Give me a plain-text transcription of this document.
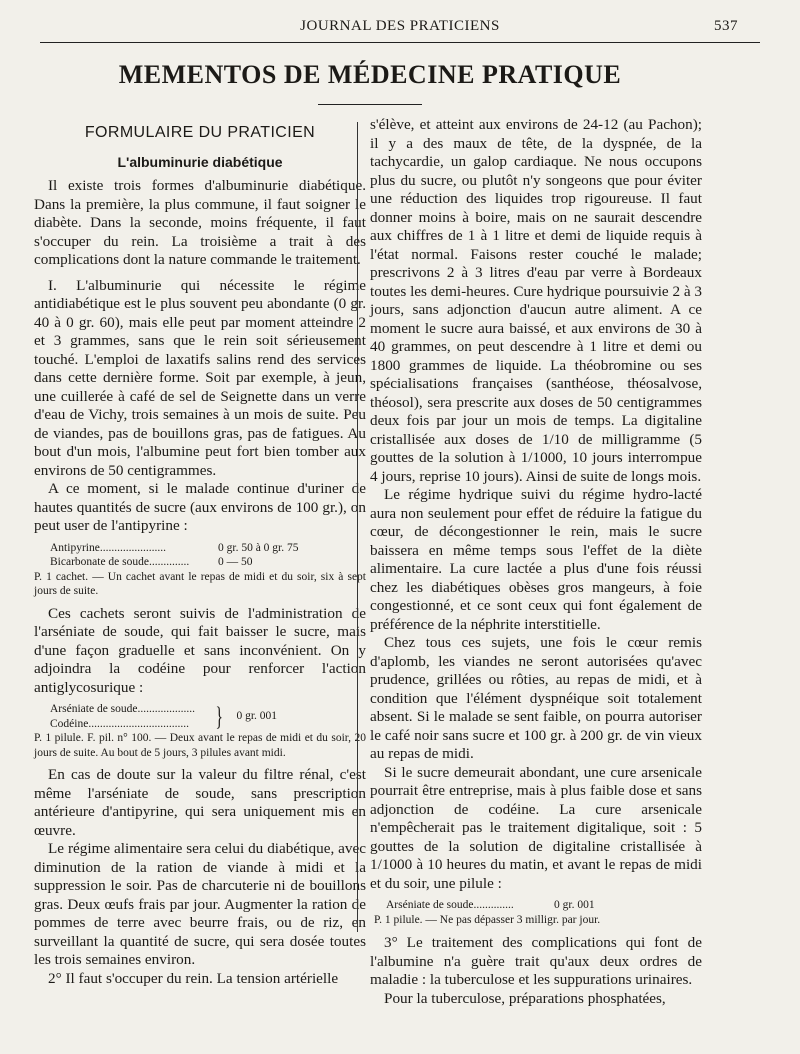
JOURNAL DES PRATICIENS	537
MEMENTOS DE MÉDECINE PRATIQUE
FORMULAIRE DU PRATICIEN
L'albuminurie diabétique

Il existe trois formes d'albuminurie diabétique. Dans la première, la plus commune, il faut soigner le diabète. Dans la seconde, moins fréquente, il faut s'occuper du rein. La troisième a trait à des complications dont la nature commande le traitement.

I. L'albuminurie qui nécessite le régime antidiabétique est le plus souvent peu abondante (0 gr. 40 à 0 gr. 60), mais elle peut par moment atteindre 2 et 3 grammes, sans que le rein soit sérieusement touché. L'emploi de laxatifs salins rend des services dans cette dernière forme. Soit par exemple, à jeun, une cuillerée à café de sel de Seignette dans un verre d'eau de Vichy, trois semaines à un mois de suite. Peu de viandes, pas de bouillons gras, pas de fatigues. Au bout d'un mois, l'albumine peut fort bien tomber aux environs de 50 centigrammes.

A ce moment, si le malade continue d'uriner de hautes quantités de sucre (aux environs de 100 gr.), on peut user de l'antipyrine :

Antipyrine.......................	0 gr. 50 à 0 gr. 75
Bicarbonate de soude..............	0 — 50

P. 1 cachet. — Un cachet avant le repas de midi et du soir, six à sept jours de suite.

Ces cachets seront suivis de l'administration de l'arséniate de soude, qui fait baisser le sucre, mais d'une façon graduelle et sans inconvénient. On y adjoindra la codéine pour renforcer l'action antiglycosurique :

Arséniate de soude....................
Codéine...................................	} 0 gr. 001

P. 1 pilule. F. pil. n° 100. — Deux avant le repas de midi et du soir, 20 jours de suite. Au bout de 5 jours, 3 pilules avant midi.

En cas de doute sur la valeur du filtre rénal, c'est même l'arséniate de soude, sans prescription antérieure d'antipyrine, qui sera uniquement mis en œuvre.

Le régime alimentaire sera celui du diabétique, avec diminution de la ration de viande à midi et la suppression le soir. Pas de charcuterie ni de bouillons gras. Deux œufs frais par jour. Augmenter la ration de pommes de terre avec beurre frais, ou de riz, en surveillant la quantité de sucre, qui sera dosée toutes les trois semaines environ.

2° Il faut s'occuper du rein. La tension artérielle

s'élève, et atteint aux environs de 24-12 (au Pachon); il y a des maux de tête, de la dyspnée, de la tachycardie, un galop cardiaque. Ne nous occupons plus du sucre, ou plutôt n'y songeons que pour éviter une réduction des liquides trop rigoureuse. Il faut donner moins à boire, mais on ne saurait descendre aux chiffres de 1 à 1 litre et demi de liquide requis à l'état normal. Faisons rester couché le malade; prescrivons 2 à 3 litres d'eau par verre à Bordeaux toutes les demi-heures. Cure hydrique poursuivie 2 à 3 jours, sans adjonction d'aucun autre aliment. A ce moment le sucre aura baissé, et aux environs de 30 à 40 grammes, on peut descendre à 1 litre et demi ou 1800 grammes de liquide. La théobromine ou ses spécialisations françaises (santhéose, théosalvose, théosol), sera prescrite aux doses de 50 centigrammes deux fois par jour un mois de temps. La digitaline cristallisée aux doses de 1/10 de milligramme (5 gouttes de la solution à 1/1000, 10 jours interrompue 4 jours, reprise 10 jours). Ainsi de suite de longs mois.

Le régime hydrique suivi du régime hydro-lacté aura non seulement pour effet de réduire la fatigue du cœur, de décongestionner le rein, mais le sucre baissera en même temps sous l'effet de la diète alimentaire. La cure lactée a plus d'une fois réussi chez les diabétiques obèses gros mangeurs, à foie congestionné, et ce sont ceux qui font également de préférence de la néphrite interstitielle.

Chez tous ces sujets, une fois le cœur remis d'aplomb, les viandes ne seront autorisées qu'avec prudence, grillées ou rôties, au repas de midi, et à condition que l'élément dyspnéique soit totalement absent. Si le malade se sent faible, on pourra autoriser le café noir sans sucre et 100 gr. à 200 gr. de vin vieux au repas de midi.

Si le sucre demeurait abondant, une cure arsenicale pourrait être entreprise, mais à plus faible dose et sans adjonction de codéine. La cure arsenicale n'empêcherait pas le traitement digitalique, soit : 5 gouttes de la solution de digitaline cristallisée à 1/1000 à 10 heures du matin, et avant le repas de midi et du soir, une pilule :

Arséniate de soude..............	0 gr. 001

P. 1 pilule. — Ne pas dépasser 3 milligr. par jour.

3° Le traitement des complications qui font de l'albumine n'a guère trait qu'aux deux ordres de maladie : la tuberculose et les suppurations urinaires.

Pour la tuberculose, préparations phosphatées,
